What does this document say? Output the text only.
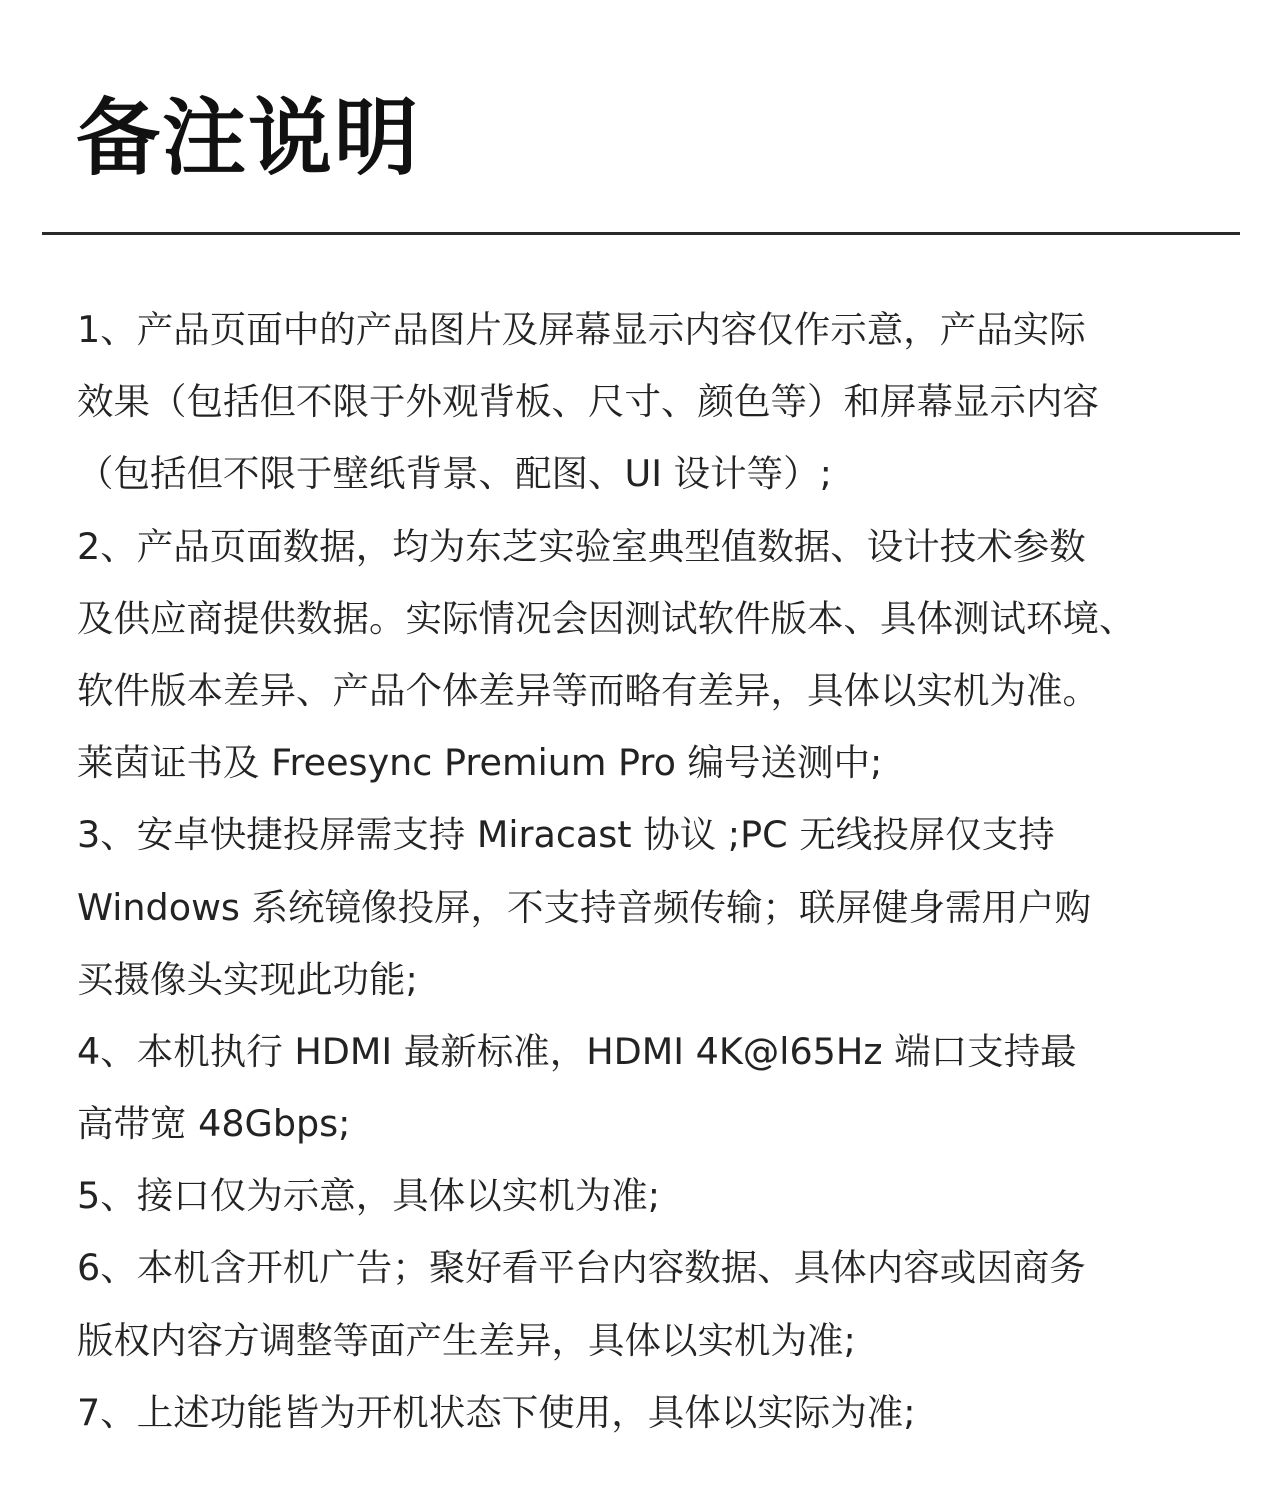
备注说明
1、产品页面中的产品图片及屏幕显示内容仅作示意，产品实际
效果（包括但不限于外观背板、尺寸、颜色等）和屏幕显示内容
（包括但不限于壁纸背景、配图、UI 设计等）;
2、产品页面数据，均为东芝实验室典型值数据、设计技术参数
及供应商提供数据。实际情况会因测试软件版本、具体测试环境、
软件版本差异、产品个体差异等而略有差异，具体以实机为准。
莱茵证书及 Freesync Premium Pro 编号送测中;
3、安卓快捷投屏需支持 Miracast 协议 ;PC 无线投屏仅支持
Windows 系统镜像投屏，不支持音频传输；联屏健身需用户购
买摄像头实现此功能;
4、本机执行 HDMI 最新标准，HDMI 4K@l65Hz 端口支持最
高带宽 48Gbps;
5、接口仅为示意，具体以实机为准;
6、本机含开机广告；聚好看平台内容数据、具体内容或因商务
版权内容方调整等面产生差异，具体以实机为准;
7、上述功能皆为开机状态下使用，具体以实际为准;
